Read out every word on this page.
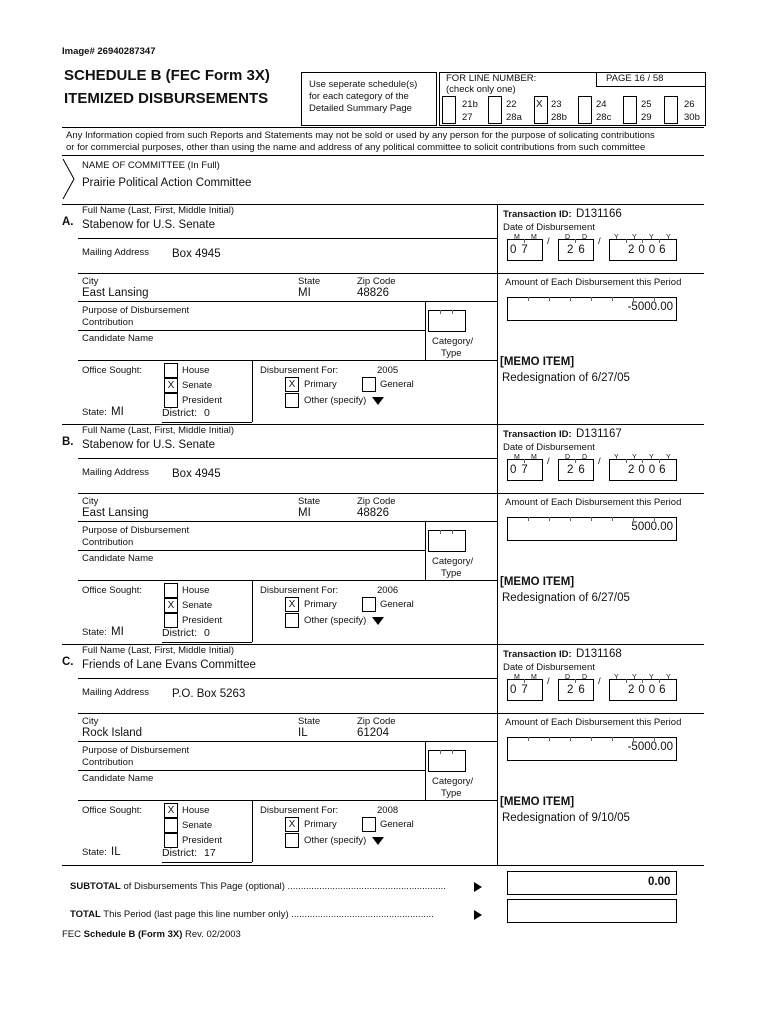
Image# 26940287347
SCHEDULE B (FEC Form 3X)
ITEMIZED DISBURSEMENTS
Use seperate schedule(s)
for each category of the
Detailed Summary Page
FOR LINE NUMBER:
(check only one)
PAGE 16 / 58
21b
27
22
28a
X 23
28b
24
28c
25
29
26
30b
Any Information copied from such Reports and Statements may not be sold or used by any person for the purpose of solicating contributions
or for commercial purposes, other than using the name and address of any political committee to solicit contributions from such committee
NAME OF COMMITTEE (In Full)
Prairie Political Action Committee
Full Name (Last, First, Middle Initial)
A. Stabenow for U.S. Senate
Mailing Address Box 4945
City
East Lansing
State
MI
Zip Code
48826
Purpose of Disbursement
Contribution
Candidate Name	Category/
Type
Office Sought:	House
X Senate
President
State: MI	District: 0
Disbursement For:	2005
X Primary	General
Other (specify)
Transaction ID: D131166
Date of Disbursement
M M	D D	Y Y Y Y
/	/
07	26	2006
Amount of Each Disbursement this Period
-5000.00
[MEMO ITEM]
Redesignation of 6/27/05
Full Name (Last, First, Middle Initial)
B. Stabenow for U.S. Senate
Mailing Address Box 4945
City
East Lansing
State
MI
Zip Code
48826
Purpose of Disbursement
Contribution
Candidate Name	Category/
Type
Office Sought:	House
X Senate
President
State: MI	District: 0
Disbursement For:	2006
X Primary	General
Other (specify)
Transaction ID: D131167
Date of Disbursement
M M	D D	Y Y Y Y
/	/
07	26	2006
Amount of Each Disbursement this Period
5000.00
[MEMO ITEM]
Redesignation of 6/27/05
Full Name (Last, First, Middle Initial)
C. Friends of Lane Evans Committee
Mailing Address P.O. Box 5263
City
Rock Island
State
IL
Zip Code
61204
Purpose of Disbursement
Contribution
Candidate Name	Category/
Type
Office Sought:	X House
Senate
President
State: IL	District: 17
Disbursement For:	2008
X Primary	General
Other (specify)
Transaction ID: D131168
Date of Disbursement
M M	D D	Y Y Y Y
/	/
07	26	2006
Amount of Each Disbursement this Period
-5000.00
[MEMO ITEM]
Redesignation of 9/10/05
SUBTOTAL of Disbursements This Page (optional) ............................................................	0.00
TOTAL This Period (last page this line number only) ......................................................
FEC Schedule B (Form 3X) Rev. 02/2003
